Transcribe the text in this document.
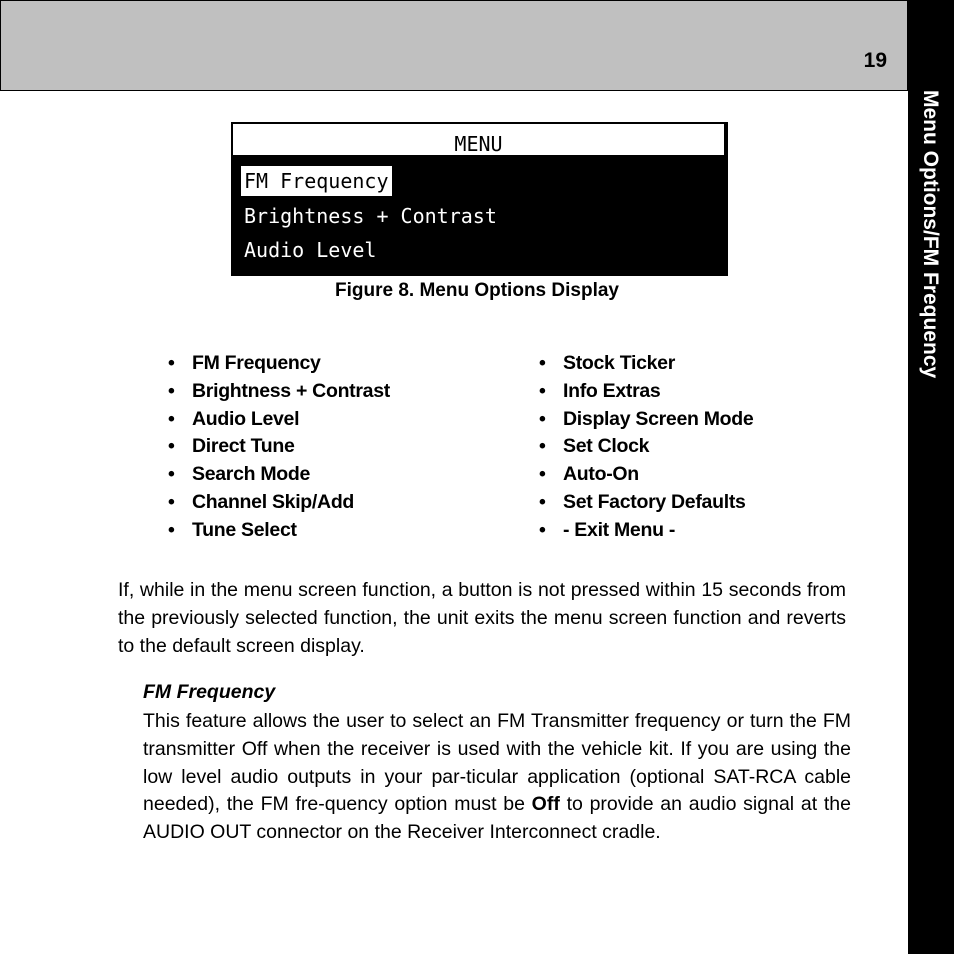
19
Menu Options/FM Frequency
MENU
FM Frequency
Brightness + Contrast
Audio Level
Figure 8. Menu Options Display
• FM Frequency
• Brightness + Contrast
• Audio Level
• Direct Tune
• Search Mode
• Channel Skip/Add
• Tune Select
• Stock Ticker
• Info Extras
• Display Screen Mode
• Set Clock
• Auto-On
• Set Factory Defaults
• - Exit Menu -

If, while in the menu screen function, a button is not pressed within 15 seconds from the previously selected function, the unit exits the menu screen function and reverts to the default screen display.

FM Frequency

This feature allows the user to select an FM Transmitter frequency or turn the FM transmitter Off when the receiver is used with the vehicle kit. If you are using the low level audio outputs in your par-ticular application (optional SAT-RCA cable needed), the FM fre-quency option must be Off to provide an audio signal at the AUDIO OUT connector on the Receiver Interconnect cradle.
